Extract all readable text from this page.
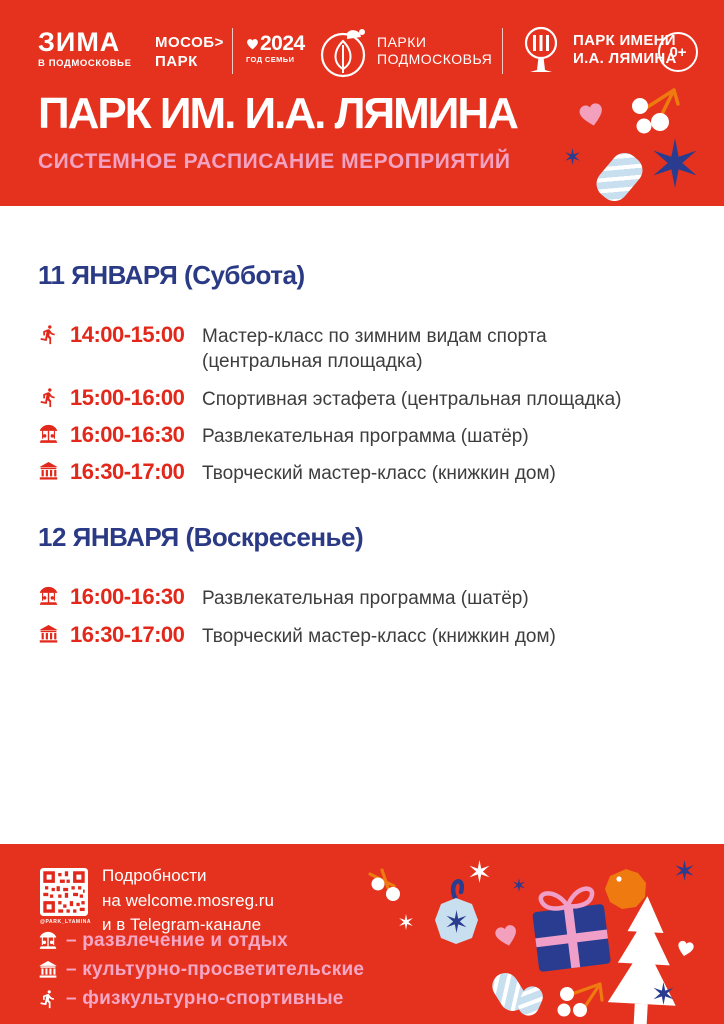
ЗИМА
В ПОДМОСКОВЬЕ
МОСОБ>
ПАРК
2024
ГОД СЕМЬИ
ПАРКИ
ПОДМОСКОВЬЯ
ПАРК ИМЕНИ
И.А. ЛЯМИНА
0+
ПАРК ИМ. И.А. ЛЯМИНА
СИСТЕМНОЕ РАСПИСАНИЕ МЕРОПРИЯТИЙ
11 ЯНВАРЯ (Суббота)
14:00-15:00 Мастер-класс по зимним видам спорта
(центральная площадка)
15:00-16:00 Спортивная эстафета (центральная площадка)
16:00-16:30 Развлекательная программа (шатёр)
16:30-17:00 Творческий мастер-класс (книжкин дом)
12 ЯНВАРЯ (Воскресенье)
16:00-16:30 Развлекательная программа (шатёр)
16:30-17:00 Творческий мастер-класс (книжкин дом)
@PARK_LYAMINA
Подробности
на welcome.mosreg.ru
и в Telegram-канале
– развлечение и отдых
– культурно-просветительские
– физкультурно-спортивные
